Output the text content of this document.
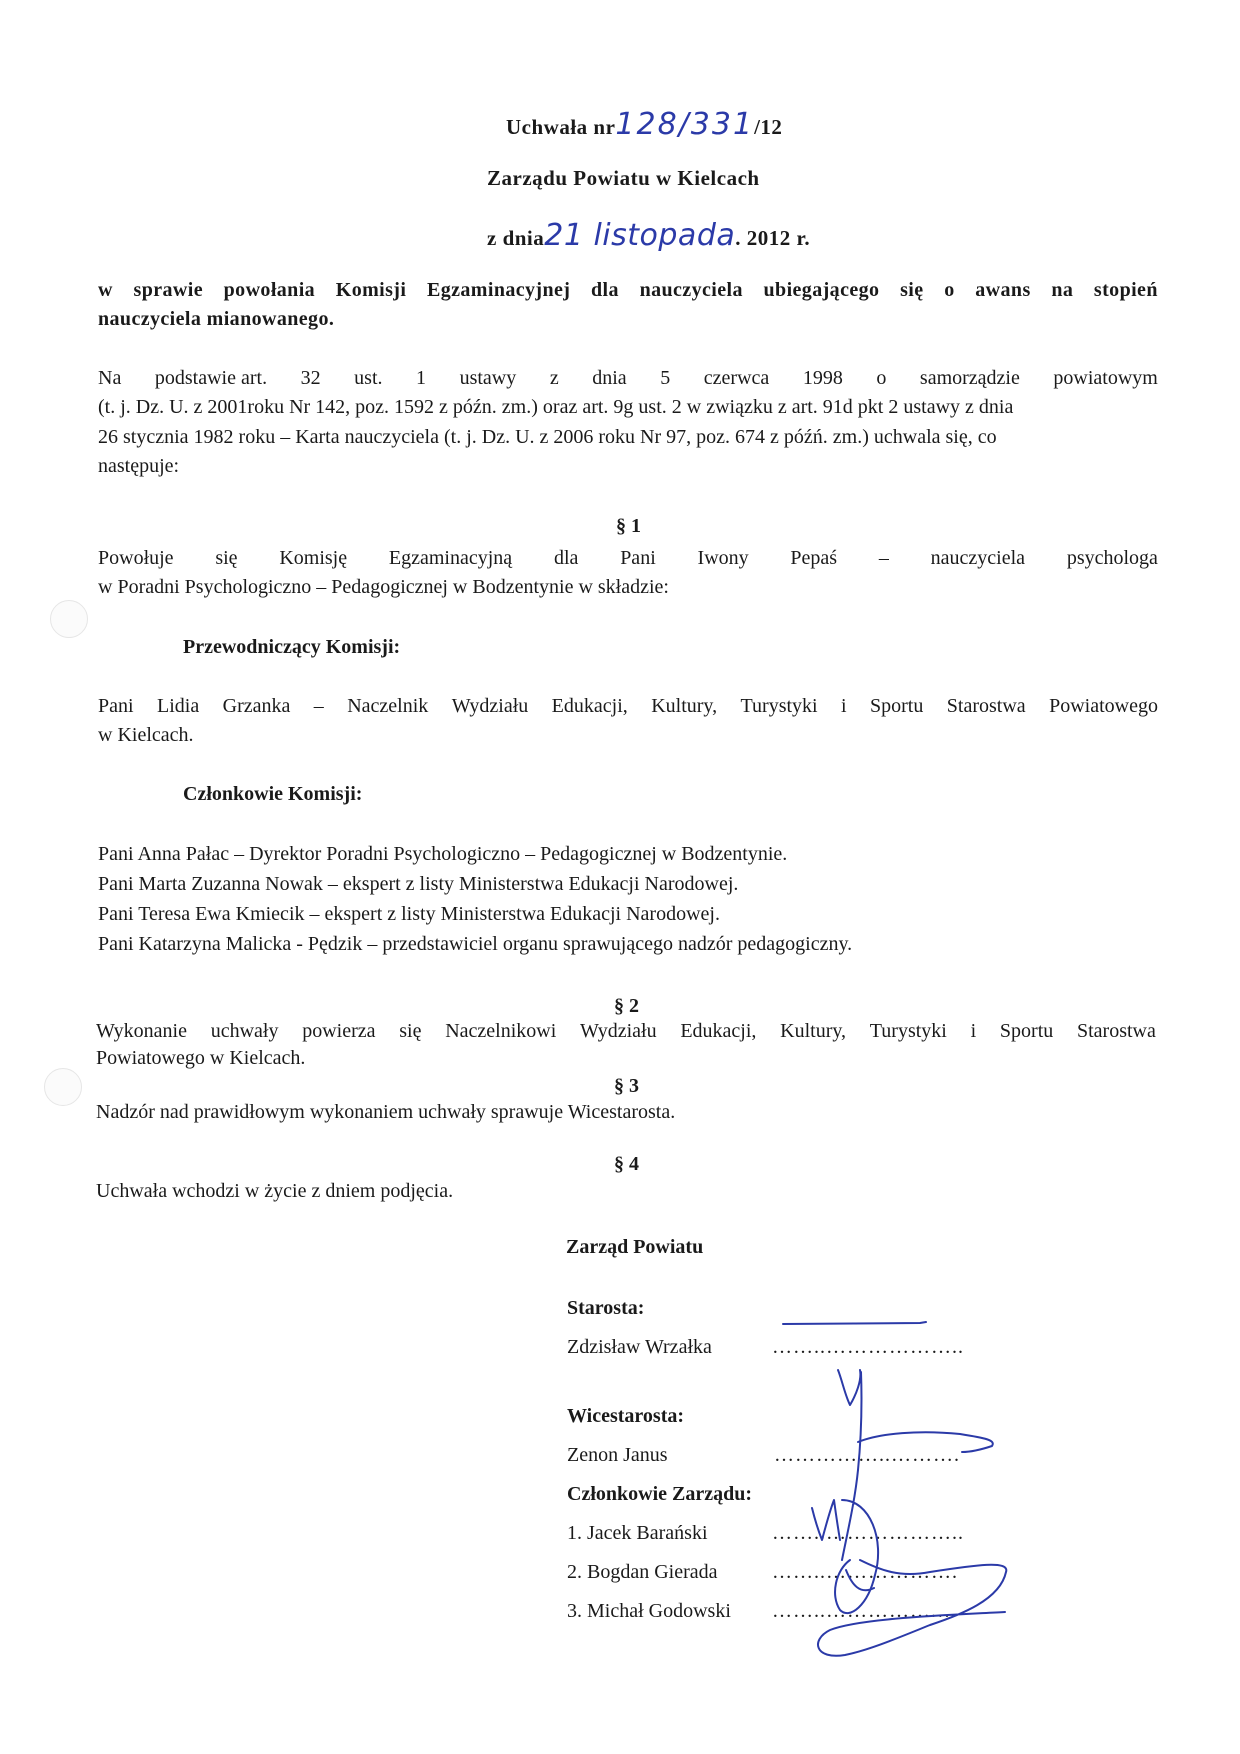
Uchwała nr128/331/12
Zarządu Powiatu w Kielcach
z dnia21 listopada. 2012 r.
w sprawie powołania Komisji Egzaminacyjnej dla nauczyciela ubiegającego się o awans na stopień
nauczyciela mianowanego.
Na podstawie art. 32 ust. 1 ustawy z dnia 5 czerwca 1998 o samorządzie powiatowym
(t. j. Dz. U. z 2001roku Nr 142, poz. 1592 z późn. zm.) oraz art. 9g ust. 2 w związku z art. 91d pkt 2 ustawy z dnia
26 stycznia 1982 roku – Karta nauczyciela (t. j. Dz. U. z 2006 roku Nr 97, poz. 674 z późń. zm.) uchwala się, co
następuje:
§ 1
Powołuje się Komisję Egzaminacyjną dla Pani Iwony Pepaś – nauczyciela psychologa
w Poradni Psychologiczno – Pedagogicznej w Bodzentynie w składzie:
Przewodniczący Komisji:
Pani Lidia Grzanka – Naczelnik Wydziału Edukacji, Kultury, Turystyki i Sportu Starostwa Powiatowego
w Kielcach.
Członkowie Komisji:
Pani Anna Pałac – Dyrektor Poradni Psychologiczno – Pedagogicznej w Bodzentynie.
Pani Marta Zuzanna Nowak – ekspert z listy Ministerstwa Edukacji Narodowej.
Pani Teresa Ewa Kmiecik – ekspert z listy Ministerstwa Edukacji Narodowej.
Pani Katarzyna Malicka - Pędzik – przedstawiciel organu sprawującego nadzór pedagogiczny.
§ 2
Wykonanie uchwały powierza się Naczelnikowi Wydziału Edukacji, Kultury, Turystyki i Sportu Starostwa
Powiatowego w Kielcach.
§ 3
Nadzór nad prawidłowym wykonaniem uchwały sprawuje Wicestarosta.
§ 4
Uchwała wchodzi w życie z dniem podjęcia.
Zarząd Powiatu
Starosta:
Zdzisław Wrzałka	……..………………..
Wicestarosta:
Zenon Janus	……………..……….
Członkowie Zarządu:
1. Jacek Barański	……..………………..
2. Bogdan Gierada	……..……………….
3. Michał Godowski ……..…………….…
